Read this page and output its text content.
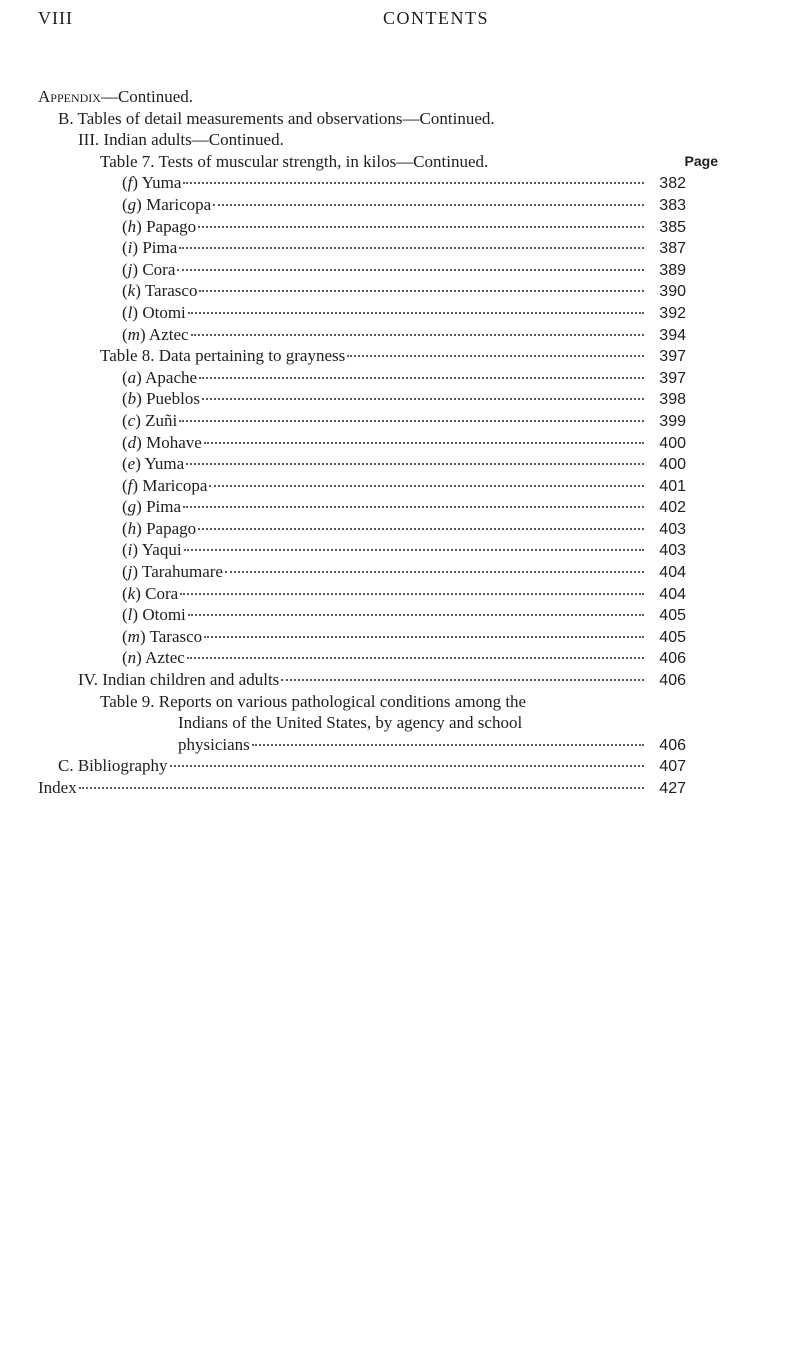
VIII	CONTENTS
Appendix—Continued.
B. Tables of detail measurements and observations—Continued.
III. Indian adults—Continued.
Table 7. Tests of muscular strength, in kilos—Continued.	Page
(f) Yuma	382
(g) Maricopa	383
(h) Papago	385
(i) Pima	387
(j) Cora	389
(k) Tarasco	390
(l) Otomi	392
(m) Aztec	394
Table 8. Data pertaining to grayness	397
(a) Apache	397
(b) Pueblos	398
(c) Zuñi	399
(d) Mohave	400
(e) Yuma	400
(f) Maricopa	401
(g) Pima	402
(h) Papago	403
(i) Yaqui	403
(j) Tarahumare	404
(k) Cora	404
(l) Otomi	405
(m) Tarasco	405
(n) Aztec	406
IV. Indian children and adults	406
Table 9. Reports on various pathological conditions among the
Indians of the United States, by agency and school
physicians	406
C. Bibliography	407
Index	427
